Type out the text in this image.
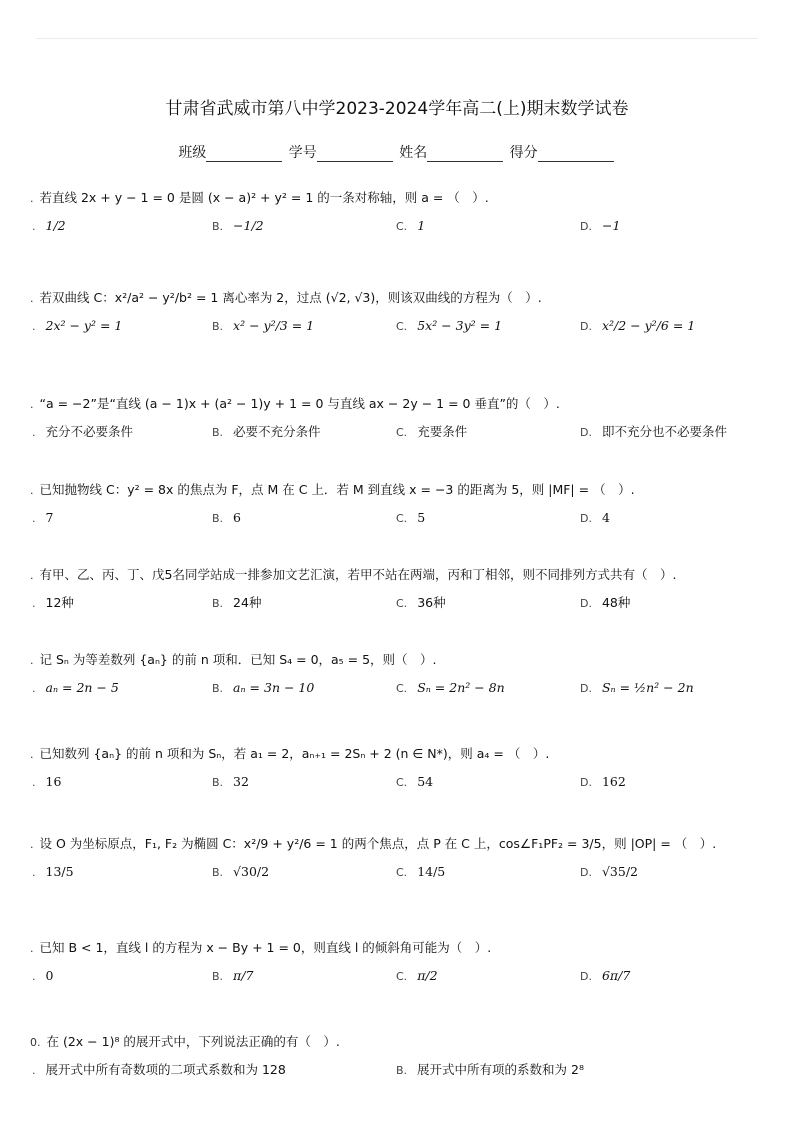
甘肃省武威市第八中学2023-2024学年高二(上)期末数学试卷
班级	学号	姓名	得分
. 若直线 2x + y − 1 = 0 是圆 (x − a)² + y² = 1 的一条对称轴，则 a = （　）.
. 1/2	B. −1/2	C. 1	D. −1
. 若双曲线 C：x²/a² − y²/b² = 1 离心率为 2，过点 (√2, √3)，则该双曲线的方程为（　）.
. 2x² − y² = 1	B. x² − y²/3 = 1	C. 5x² − 3y² = 1	D. x²/2 − y²/6 = 1
. “a = −2”是“直线 (a − 1)x + (a² − 1)y + 1 = 0 与直线 ax − 2y − 1 = 0 垂直”的（　）.
. 充分不必要条件	B. 必要不充分条件	C. 充要条件	D. 即不充分也不必要条件
. 已知抛物线 C：y² = 8x 的焦点为 F，点 M 在 C 上．若 M 到直线 x = −3 的距离为 5，则 |MF| = （　）.
. 7	B. 6	C. 5	D. 4
. 有甲、乙、丙、丁、戊5名同学站成一排参加文艺汇演，若甲不站在两端，丙和丁相邻，则不同排列方式共有（　）.
. 12种	B. 24种	C. 36种	D. 48种
. 记 Sₙ 为等差数列 {aₙ} 的前 n 项和．已知 S₄ = 0，a₅ = 5，则（　）.
. aₙ = 2n − 5	B. aₙ = 3n − 10	C. Sₙ = 2n² − 8n	D. Sₙ = ½n² − 2n
. 已知数列 {aₙ} 的前 n 项和为 Sₙ，若 a₁ = 2，aₙ₊₁ = 2Sₙ + 2 (n ∈ N*)，则 a₄ = （　）.
. 16	B. 32	C. 54	D. 162
. 设 O 为坐标原点，F₁, F₂ 为椭圆 C：x²/9 + y²/6 = 1 的两个焦点，点 P 在 C 上，cos∠F₁PF₂ = 3/5，则 |OP| = （　）.
. 13/5	B. √30/2	C. 14/5	D. √35/2
. 已知 B < 1，直线 l 的方程为 x − By + 1 = 0，则直线 l 的倾斜角可能为（　）.
. 0	B. π/7	C. π/2	D. 6π/7
0. 在 (2x − 1)⁸ 的展开式中，下列说法正确的有（　）.
. 展开式中所有奇数项的二项式系数和为 128	B. 展开式中所有项的系数和为 2⁸
